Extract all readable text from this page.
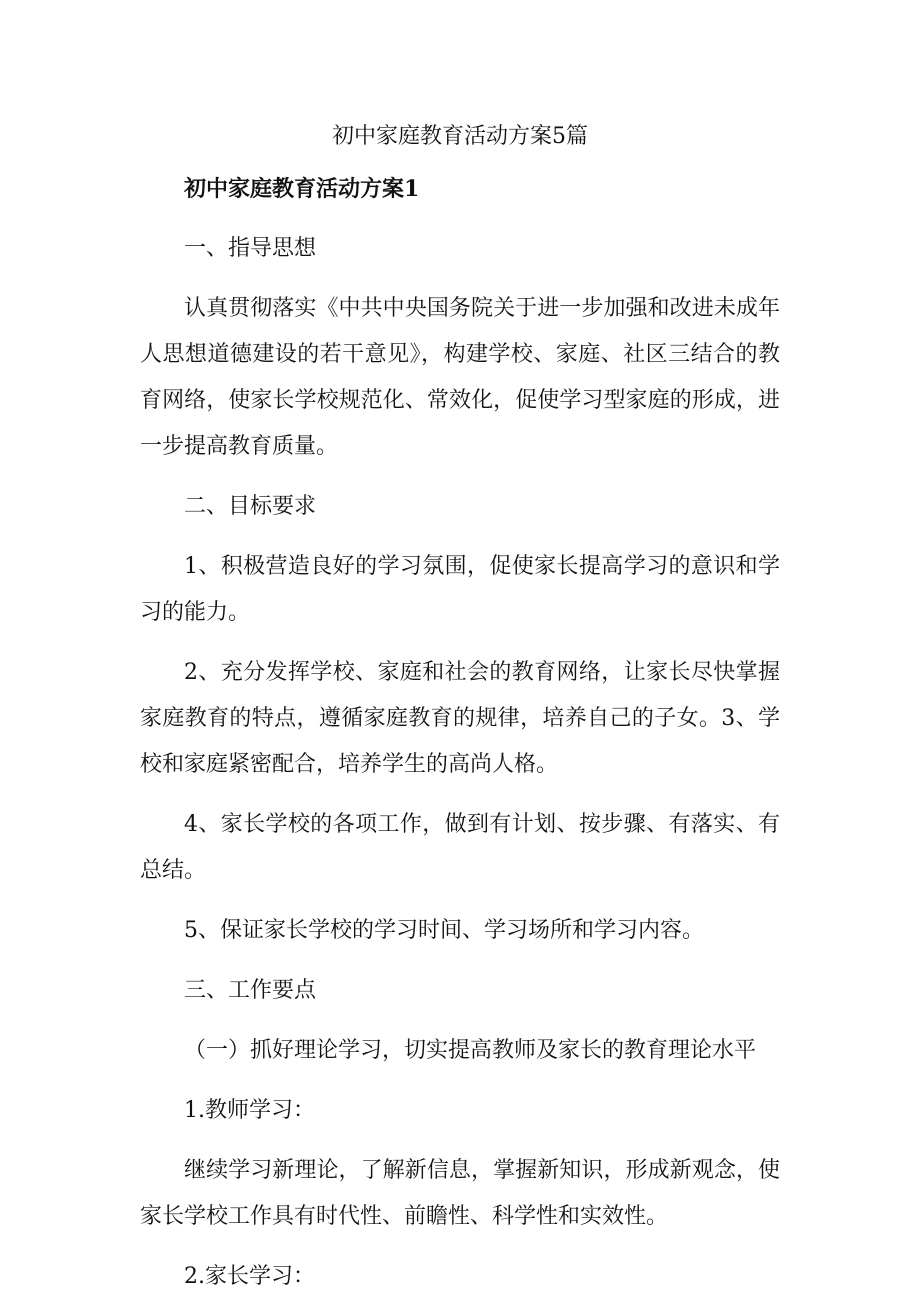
初中家庭教育活动方案5篇

初中家庭教育活动方案1

一、指导思想

认真贯彻落实《中共中央国务院关于进一步加强和改进未成年人思想道德建设的若干意见》，构建学校、家庭、社区三结合的教育网络，使家长学校规范化、常效化，促使学习型家庭的形成，进一步提高教育质量。

二、目标要求

1、积极营造良好的学习氛围，促使家长提高学习的意识和学习的能力。

2、充分发挥学校、家庭和社会的教育网络，让家长尽快掌握家庭教育的特点，遵循家庭教育的规律，培养自己的子女。3、学校和家庭紧密配合，培养学生的高尚人格。

4、家长学校的各项工作，做到有计划、按步骤、有落实、有总结。

5、保证家长学校的学习时间、学习场所和学习内容。

三、工作要点

（一）抓好理论学习，切实提高教师及家长的教育理论水平

1.教师学习：

继续学习新理论，了解新信息，掌握新知识，形成新观念，使家长学校工作具有时代性、前瞻性、科学性和实效性。

2.家长学习：
